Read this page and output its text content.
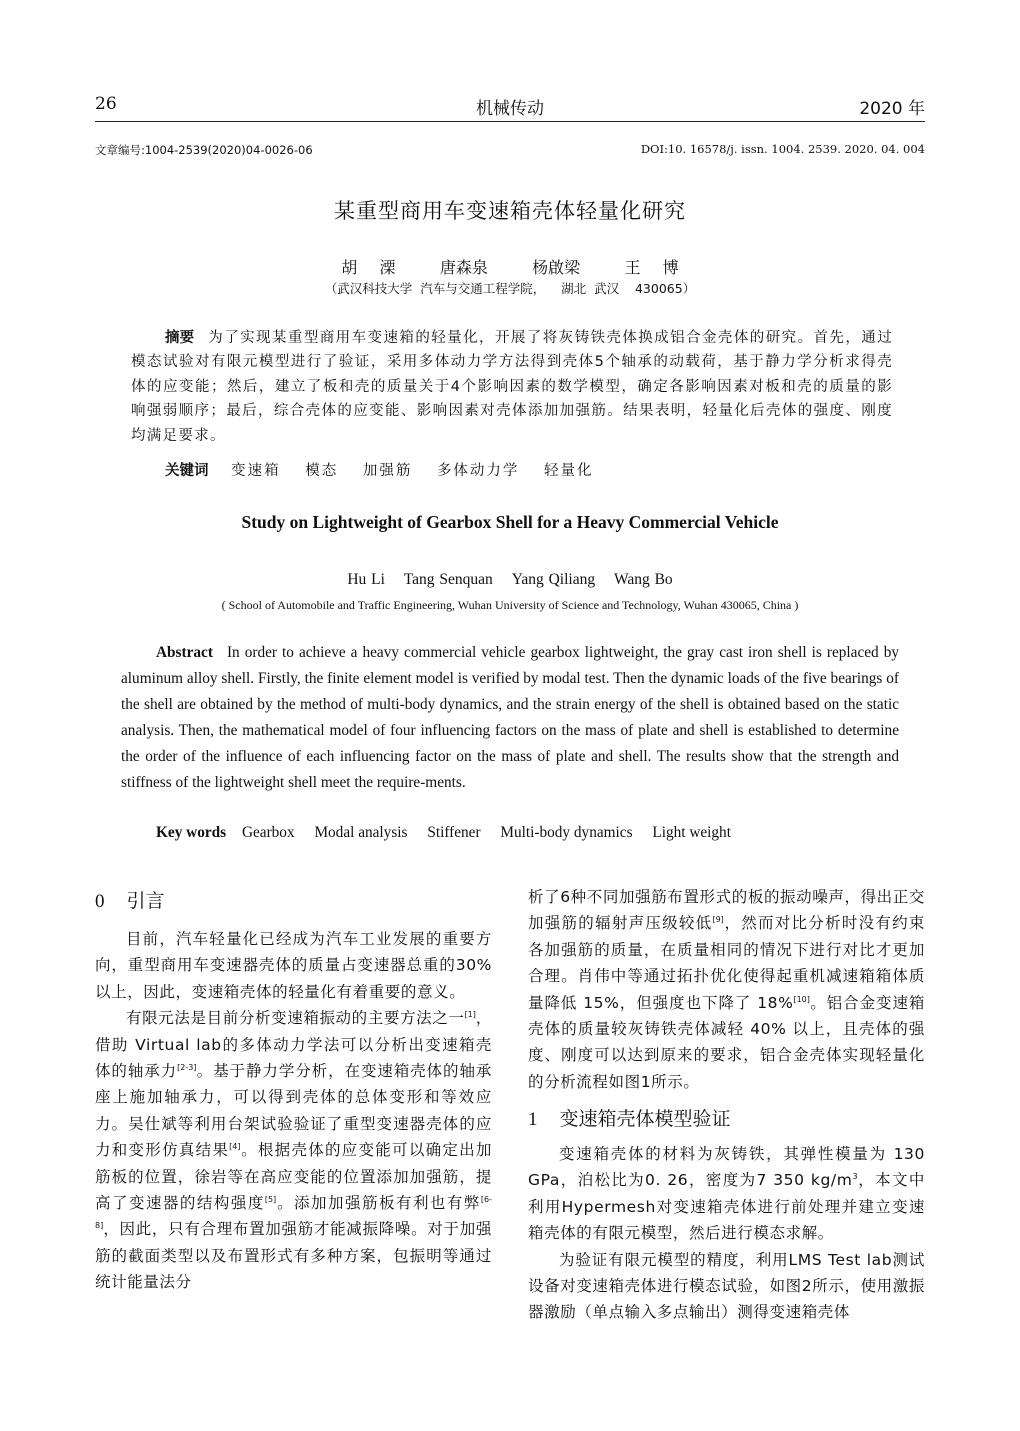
26	机械传动	2020 年
文章编号:1004-2539(2020)04-0026-06	DOI:10. 16578/j. issn. 1004. 2539. 2020. 04. 004
某重型商用车变速箱壳体轻量化研究
胡  溧    唐森泉    杨啟梁    王  博
（武汉科技大学  汽车与交通工程学院，    湖北  武汉    430065）
摘要 为了实现某重型商用车变速箱的轻量化，开展了将灰铸铁壳体换成铝合金壳体的研究。首先，通过模态试验对有限元模型进行了验证，采用多体动力学方法得到壳体5个轴承的动载荷，基于静力学分析求得壳体的应变能；然后，建立了板和壳的质量关于4个影响因素的数学模型，确定各影响因素对板和壳的质量的影响强弱顺序；最后，综合壳体的应变能、影响因素对壳体添加加强筋。结果表明，轻量化后壳体的强度、刚度均满足要求。
关键词 变速箱 模态 加强筋 多体动力学 轻量化
Study on Lightweight of Gearbox Shell for a Heavy Commercial Vehicle
Hu Li Tang Senquan Yang Qiliang Wang Bo
( School of Automobile and Traffic Engineering, Wuhan University of Science and Technology, Wuhan 430065, China )
Abstract In order to achieve a heavy commercial vehicle gearbox lightweight, the gray cast iron shell is replaced by aluminum alloy shell. Firstly, the finite element model is verified by modal test. Then the dynamic loads of the five bearings of the shell are obtained by the method of multi-body dynamics, and the strain energy of the shell is obtained based on the static analysis. Then, the mathematical model of four influencing factors on the mass of plate and shell is established to determine the order of the influence of each influencing factor on the mass of plate and shell. The results show that the strength and stiffness of the lightweight shell meet the require-ments.
Key words Gearbox Modal analysis Stiffener Multi-body dynamics Light weight
0 引言

目前，汽车轻量化已经成为汽车工业发展的重要方向，重型商用车变速器壳体的质量占变速器总重的30%以上，因此，变速箱壳体的轻量化有着重要的意义。

有限元法是目前分析变速箱振动的主要方法之一[1]，借助 Virtual lab的多体动力学法可以分析出变速箱壳体的轴承力[2-3]。基于静力学分析，在变速箱壳体的轴承座上施加轴承力，可以得到壳体的总体变形和等效应力。吴仕斌等利用台架试验验证了重型变速器壳体的应力和变形仿真结果[4]。根据壳体的应变能可以确定出加筋板的位置，徐岩等在高应变能的位置添加加强筋，提高了变速器的结构强度[5]。添加加强筋板有利也有弊[6-8]，因此，只有合理布置加强筋才能减振降噪。对于加强筋的截面类型以及布置形式有多种方案，包振明等通过统计能量法分

析了6种不同加强筋布置形式的板的振动噪声，得出正交加强筋的辐射声压级较低[9]，然而对比分析时没有约束各加强筋的质量，在质量相同的情况下进行对比才更加合理。肖伟中等通过拓扑优化使得起重机减速箱箱体质量降低 15%，但强度也下降了 18%[10]。铝合金变速箱壳体的质量较灰铸铁壳体减轻 40% 以上，且壳体的强度、刚度可以达到原来的要求，铝合金壳体实现轻量化的分析流程如图1所示。

1 变速箱壳体模型验证

变速箱壳体的材料为灰铸铁，其弹性模量为 130 GPa，泊松比为0. 26，密度为7 350 $kg/m^3$，本文中利用Hypermesh对变速箱壳体进行前处理并建立变速箱壳体的有限元模型，然后进行模态求解。

为验证有限元模型的精度，利用LMS Test lab测试设备对变速箱壳体进行模态试验，如图2所示，使用激振器激励（单点输入多点输出）测得变速箱壳体
